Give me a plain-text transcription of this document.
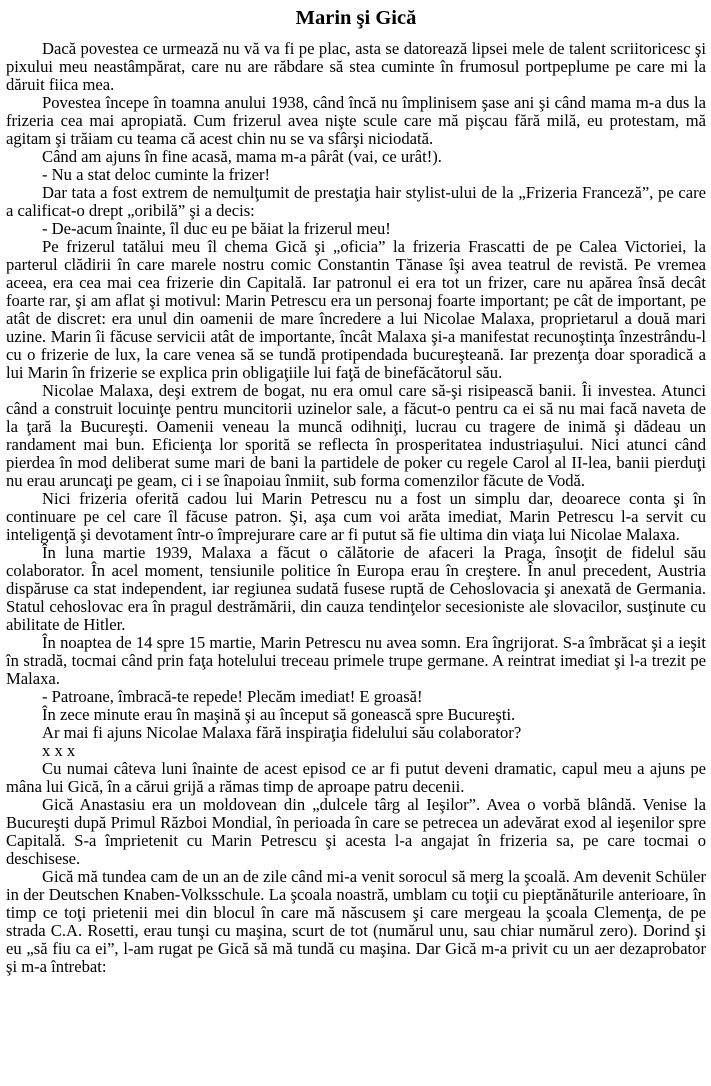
Marin şi Gică

Dacă povestea ce urmează nu vă va fi pe plac, asta se datorează lipsei mele de talent scriitoricesc şi pixului meu neastâmpărat, care nu are răbdare să stea cuminte în frumosul portpeplume pe care mi la dăruit fiica mea.

Povestea începe în toamna anului 1938, când încă nu împlinisem şase ani şi când mama m-a dus la frizeria cea mai apropiată. Cum frizerul avea nişte scule care mă pişcau fără milă, eu protestam, mă agitam şi trăiam cu teama că acest chin nu se va sfârşi niciodată.

Când am ajuns în fine acasă, mama m-a pârât (vai, ce urât!).

- Nu a stat deloc cuminte la frizer!

Dar tata a fost extrem de nemulţumit de prestaţia hair stylist-ului de la „Frizeria Franceză”, pe care a calificat-o drept „oribilă” şi a decis:

- De-acum înainte, îl duc eu pe băiat la frizerul meu!

Pe frizerul tatălui meu îl chema Gică şi „oficia” la frizeria Frascatti de pe Calea Victoriei, la parterul clădirii în care marele nostru comic Constantin Tănase îşi avea teatrul de revistă. Pe vremea aceea, era cea mai cea frizerie din Capitală. Iar patronul ei era tot un frizer, care nu apărea însă decât foarte rar, şi am aflat şi motivul: Marin Petrescu era un personaj foarte important; pe cât de important, pe atât de discret: era unul din oamenii de mare încredere a lui Nicolae Malaxa, proprietarul a două mari uzine. Marin îi făcuse servicii atât de importante, încât Malaxa şi-a manifestat recunoştinţa înzestrându-l cu o frizerie de lux, la care venea să se tundă protipendada bucureşteană. Iar prezenţa doar sporadică a lui Marin în frizerie se explica prin obligaţiile lui faţă de binefăcătorul său.

Nicolae Malaxa, deşi extrem de bogat, nu era omul care să-şi risipească banii. Îi investea. Atunci când a construit locuinţe pentru muncitorii uzinelor sale, a făcut-o pentru ca ei să nu mai facă naveta de la ţară la Bucureşti. Oamenii veneau la muncă odihniţi, lucrau cu tragere de inimă şi dădeau un randament mai bun. Eficienţa lor sporită se reflecta în prosperitatea industriaşului. Nici atunci când pierdea în mod deliberat sume mari de bani la partidele de poker cu regele Carol al II-lea, banii pierduţi nu erau aruncaţi pe geam, ci i se înapoiau înmiit, sub forma comenzilor făcute de Vodă.

Nici frizeria oferită cadou lui Marin Petrescu nu a fost un simplu dar, deoarece conta şi în continuare pe cel care îl făcuse patron. Şi, aşa cum voi arăta imediat, Marin Petrescu l-a servit cu inteligenţă şi devotament într-o împrejurare care ar fi putut să fie ultima din viaţa lui Nicolae Malaxa.

În luna martie 1939, Malaxa a făcut o călătorie de afaceri la Praga, însoţit de fidelul său colaborator. În acel moment, tensiunile politice în Europa erau în creştere. În anul precedent, Austria dispăruse ca stat independent, iar regiunea sudată fusese ruptă de Cehoslovacia şi anexată de Germania. Statul cehoslovac era în pragul destrămării, din cauza tendinţelor secesioniste ale slovacilor, susţinute cu abilitate de Hitler.

În noaptea de 14 spre 15 martie, Marin Petrescu nu avea somn. Era îngrijorat. S-a îmbrăcat şi a ieşit în stradă, tocmai când prin faţa hotelului treceau primele trupe germane. A reintrat imediat şi l-a trezit pe Malaxa.

- Patroane, îmbracă-te repede! Plecăm imediat! E groasă!

În zece minute erau în maşină şi au început să gonească spre Bucureşti.

Ar mai fi ajuns Nicolae Malaxa fără inspiraţia fidelului său colaborator?

x x x

Cu numai câteva luni înainte de acest episod ce ar fi putut deveni dramatic, capul meu a ajuns pe mâna lui Gică, în a cărui grijă a rămas timp de aproape patru decenii.

Gică Anastasiu era un moldovean din „dulcele târg al Ieşilor”. Avea o vorbă blândă. Venise la Bucureşti după Primul Război Mondial, în perioada în care se petrecea un adevărat exod al ieşenilor spre Capitală. S-a împrietenit cu Marin Petrescu şi acesta l-a angajat în frizeria sa, pe care tocmai o deschisese.

Gică mă tundea cam de un an de zile când mi-a venit sorocul să merg la şcoală. Am devenit Schüler in der Deutschen Knaben-Volksschule. La şcoala noastră, umblam cu toţii cu pieptănăturile anterioare, în timp ce toţi prietenii mei din blocul în care mă născusem şi care mergeau la şcoala Clemenţa, de pe strada C.A. Rosetti, erau tunşi cu maşina, scurt de tot (numărul unu, sau chiar numărul zero). Dorind şi eu „să fiu ca ei”, l-am rugat pe Gică să mă tundă cu maşina. Dar Gică m-a privit cu un aer dezaprobator şi m-a întrebat:
